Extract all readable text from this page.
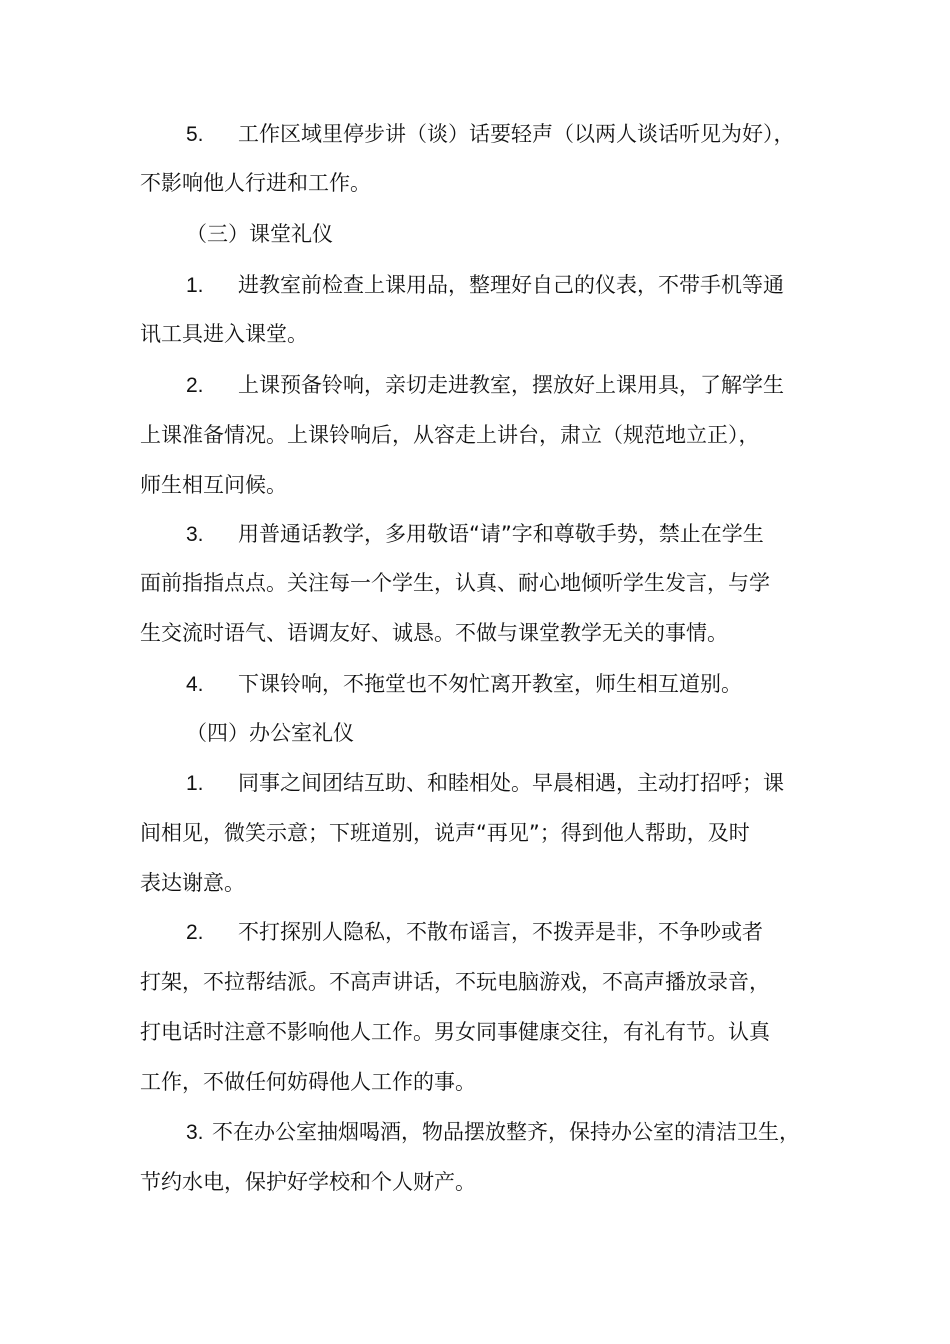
5. 工作区域里停步讲（谈）话要轻声（以两人谈话听见为好），
不影响他人行进和工作。
（三）课堂礼仪
1. 进教室前检查上课用品，整理好自己的仪表，不带手机等通
讯工具进入课堂。
2. 上课预备铃响，亲切走进教室，摆放好上课用具，了解学生
上课准备情况。上课铃响后，从容走上讲台，肃立（规范地立正），
师生相互问候。
3. 用普通话教学，多用敬语“请”字和尊敬手势，禁止在学生
面前指指点点。关注每一个学生，认真、耐心地倾听学生发言，与学
生交流时语气、语调友好、诚恳。不做与课堂教学无关的事情。
4. 下课铃响，不拖堂也不匆忙离开教室，师生相互道别。
（四）办公室礼仪
1. 同事之间团结互助、和睦相处。早晨相遇，主动打招呼；课
间相见，微笑示意；下班道别，说声“再见”；得到他人帮助，及时
表达谢意。
2. 不打探别人隐私，不散布谣言，不拨弄是非，不争吵或者
打架，不拉帮结派。不高声讲话，不玩电脑游戏，不高声播放录音，
打电话时注意不影响他人工作。男女同事健康交往，有礼有节。认真
工作，不做任何妨碍他人工作的事。
3. 不在办公室抽烟喝酒，物品摆放整齐，保持办公室的清洁卫生，
节约水电，保护好学校和个人财产。
